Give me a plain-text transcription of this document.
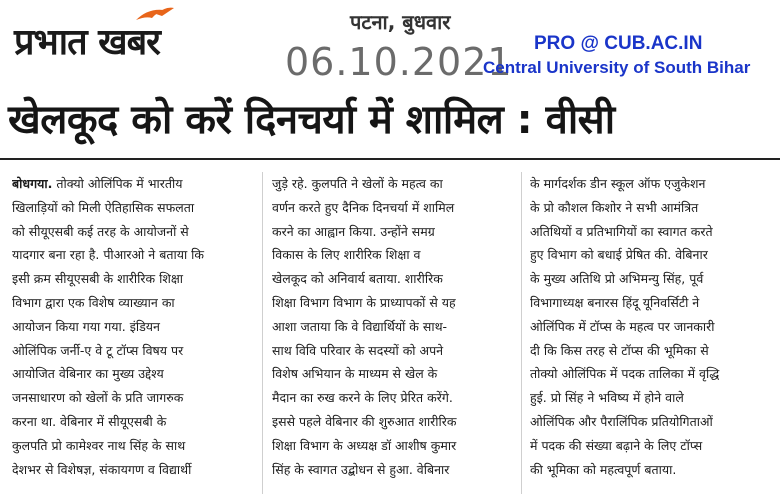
प्रभात खबर	पटना, बुधवार
06.10.2021 PRO @ CUB.AC.IN
Central University of South Bihar
खेलकूद को करें दिनचर्या में शामिल : वीसी
बोधगया. तोक्यो ओलिंपिक में भारतीय
खिलाड़ियों को मिली ऐतिहासिक सफलता
को सीयूएसबी कई तरह के आयोजनों से
यादगार बना रहा है. पीआरओ ने बताया कि
इसी क्रम सीयूएसबी के शारीरिक शिक्षा
विभाग द्वारा एक विशेष व्याख्यान का
आयोजन किया गया गया. इंडियन
ओलिंपिक जर्नी-ए वे टू टॉप्स विषय पर
आयोजित वेबिनार का मुख्य उद्देश्य
जनसाधारण को खेलों के प्रति जागरुक
करना था. वेबिनार में सीयूएसबी के
कुलपति प्रो कामेश्वर नाथ सिंह के साथ
देशभर से विशेषज्ञ, संकायगण व विद्यार्थी
जुड़े रहे. कुलपति ने खेलों के महत्व का
वर्णन करते हुए दैनिक दिनचर्या में शामिल
करने का आह्वान किया. उन्होंने समग्र
विकास के लिए शारीरिक शिक्षा व
खेलकूद को अनिवार्य बताया. शारीरिक
शिक्षा विभाग विभाग के प्राध्यापकों से यह
आशा जताया कि वे विद्यार्थियों के साथ-
साथ विवि परिवार के सदस्यों को अपने
विशेष अभियान के माध्यम से खेल के
मैदान का रुख करने के लिए प्रेरित करेंगे.
इससे पहले वेबिनार की शुरुआत शारीरिक
शिक्षा विभाग के अध्यक्ष डॉ आशीष कुमार
सिंह के स्वागत उद्बोधन से हुआ. वेबिनार
के मार्गदर्शक डीन स्कूल ऑफ एजुकेशन
के प्रो कौशल किशोर ने सभी आमंत्रित
अतिथियों व प्रतिभागियों का स्वागत करते
हुए विभाग को बधाई प्रेषित की. वेबिनार
के मुख्य अतिथि प्रो अभिमन्यु सिंह, पूर्व
विभागाध्यक्ष बनारस हिंदू यूनिवर्सिटी ने
ओलिंपिक में टॉप्स के महत्व पर जानकारी
दी कि किस तरह से टॉप्स की भूमिका से
तोक्यो ओलिंपिक में पदक तालिका में वृद्धि
हुई. प्रो सिंह ने भविष्य में होने वाले
ओलिंपिक और पैरालिंपिक प्रतियोगिताओं
में पदक की संख्या बढ़ाने के लिए टॉप्स
की भूमिका को महत्वपूर्ण बताया.
